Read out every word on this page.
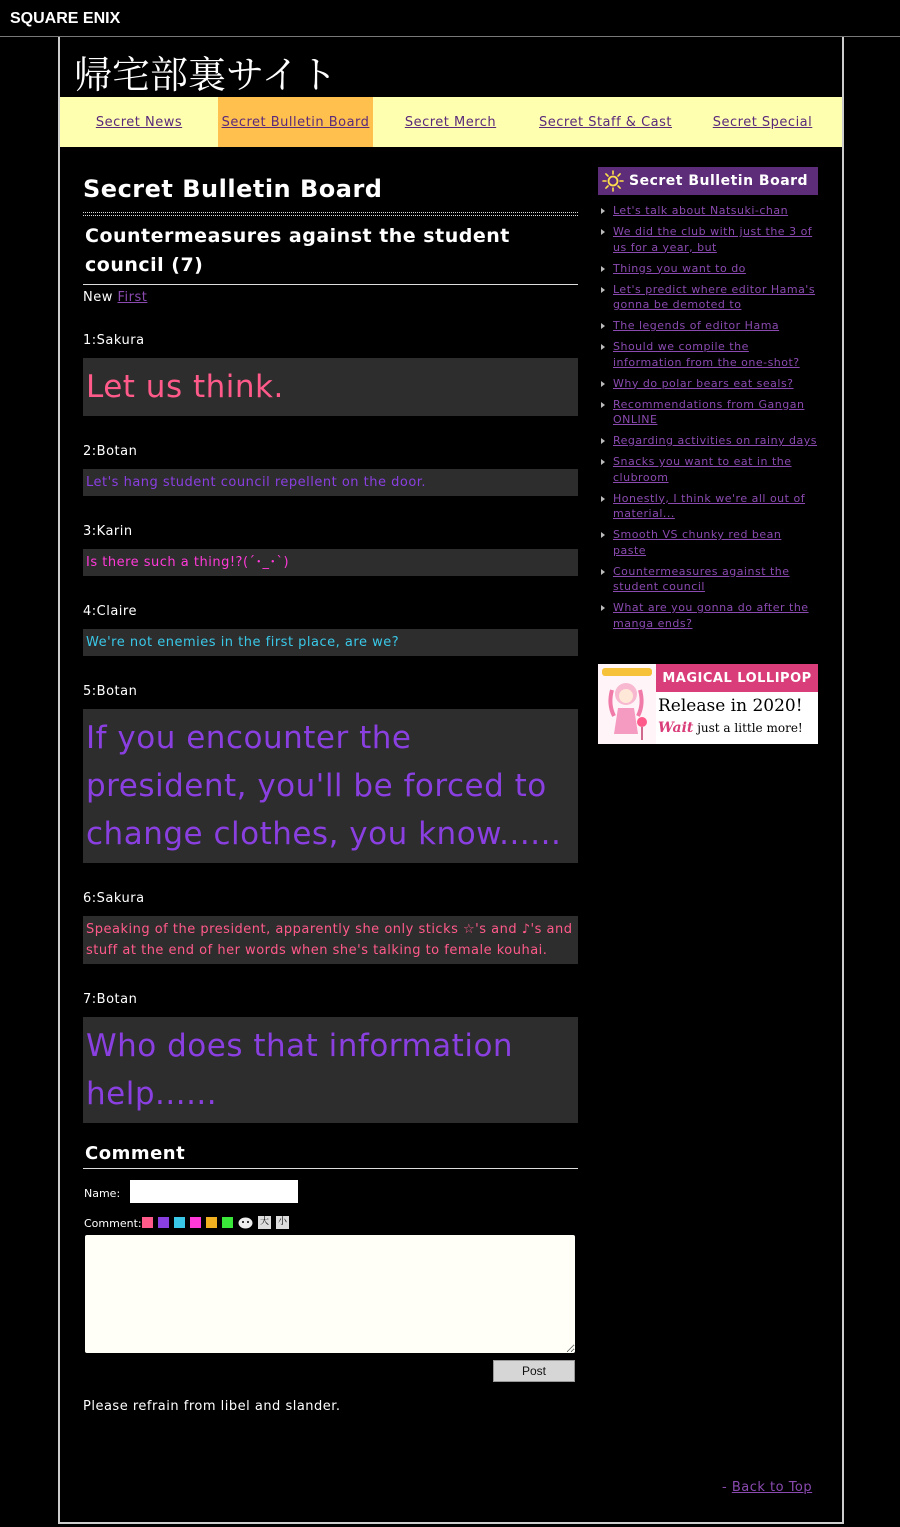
SQUARE ENIX
帰宅部裏サイト
Secret News	Secret Bulletin Board	Secret Merch	Secret Staff & Cast	Secret Special
Secret Bulletin Board
Countermeasures against the student council (7)
New First
1:Sakura
Let us think.
2:Botan
Let's hang student council repellent on the door.
3:Karin
Is there such a thing!?(´･_･`)
4:Claire
We're not enemies in the first place, are we?
5:Botan
If you encounter the president, you'll be forced to change clothes, you know......
6:Sakura
Speaking of the president, apparently she only sticks ☆'s and ♪'s and stuff at the end of her words when she's talking to female kouhai.
7:Botan
Who does that information help......
Comment
Name:
Comment:	大 小
Post

Please refrain from libel and slander.

Secret Bulletin Board
Let's talk about Natsuki-chan
We did the club with just the 3 of us for a year, but
Things you want to do
Let's predict where editor Hama's gonna be demoted to
The legends of editor Hama
Should we compile the information from the one-shot?
Why do polar bears eat seals?
Recommendations from Gangan ONLINE
Regarding activities on rainy days
Snacks you want to eat in the clubroom
Honestly, I think we're all out of material...
Smooth VS chunky red bean paste
Countermeasures against the student council
What are you gonna do after the manga ends?
MAGICAL LOLLIPOP
Release in 2020!
Wait just a little more!
- Back to Top
